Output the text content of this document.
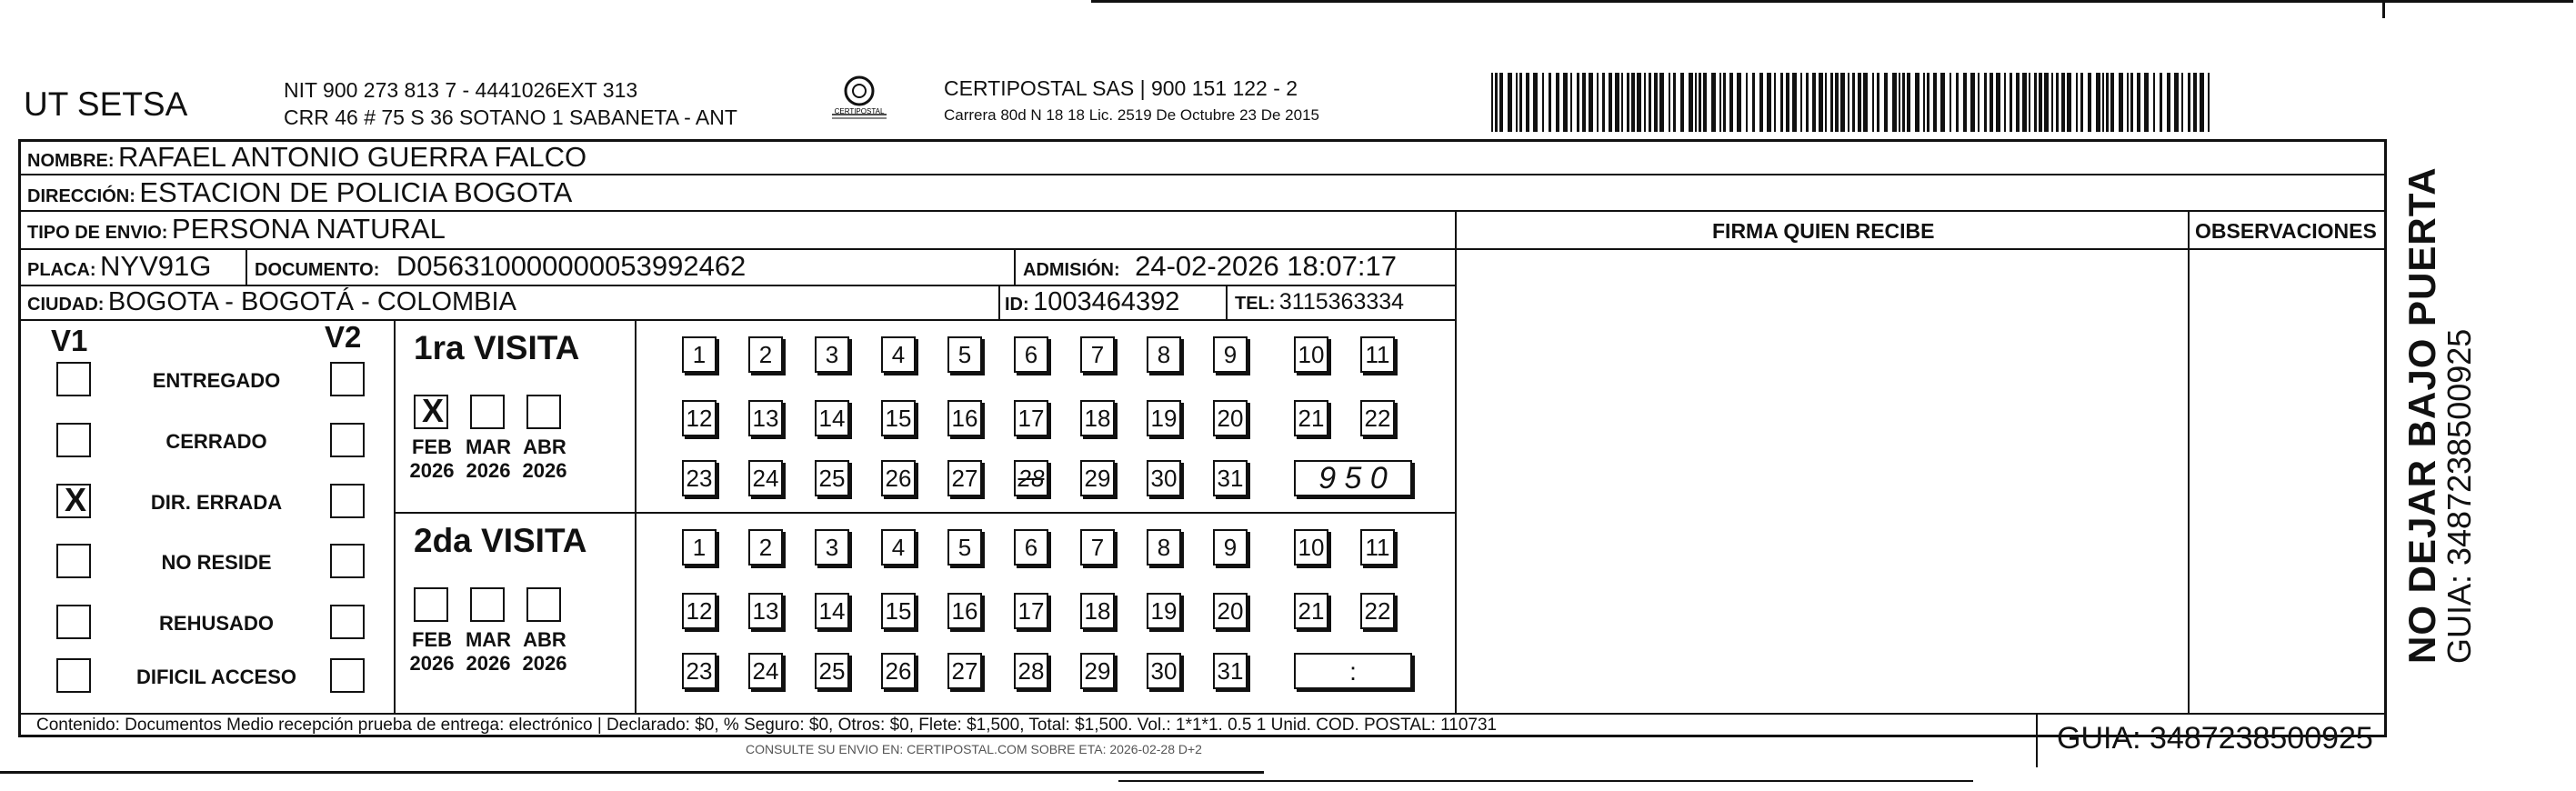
UT SETSA	NIT 900 273 813 7 - 4441026EXT 313
CRR 46 # 75 S 36 SOTANO 1 SABANETA - ANT	CERTIPOSTAL
CERTIPOSTAL SAS | 900 151 122 - 2
Carrera 80d N 18 18 Lic. 2519 De Octubre 23 De 2015
NOMBRE: RAFAEL ANTONIO GUERRA FALCO
DIRECCIÓN: ESTACION DE POLICIA BOGOTA
TIPO DE ENVIO: PERSONA NATURAL
PLACA: NYV91G DOCUMENTO: D056310000000053992462	ADMISIÓN: 24-02-2026 18:07:17
CIUDAD: BOGOTA - BOGOTÁ - COLOMBIA	ID: 1003464392	TEL: 3115363334
FIRMA QUIEN RECIBE	OBSERVACIONES
V1	V2
ENTREGADO
CERRADO
X	DIR. ERRADA
NO RESIDE
REHUSADO
DIFICIL ACCESO
1ra VISITA
X
FEB
2026
MAR
2026
ABR
2026
1	2	3	4	5	6	7	8	9	10 11
12 13 14 15 16 17 18 19 20 21 22
23 24 25 26 27 28 29 30 31	9 5 0
2da VISITA
FEB
2026
MAR
2026
ABR
2026
1	2	3	4	5	6	7	8	9	10 11
12 13 14 15 16 17 18 19 20 21 22
23 24 25 26 27 28 29 30 31	:
NO DEJAR BAJO PUERTA
GUIA: 3487238500925
Contenido: Documentos Medio recepción prueba de entrega: electrónico | Declarado: $0, % Seguro: $0, Otros: $0, Flete: $1,500, Total: $1,500. Vol.: 1*1*1. 0.5 1 Unid. COD. POSTAL: 110731
CONSULTE SU ENVIO EN: CERTIPOSTAL.COM SOBRE ETA: 2026-02-28 D+2	GUIA: 3487238500925
